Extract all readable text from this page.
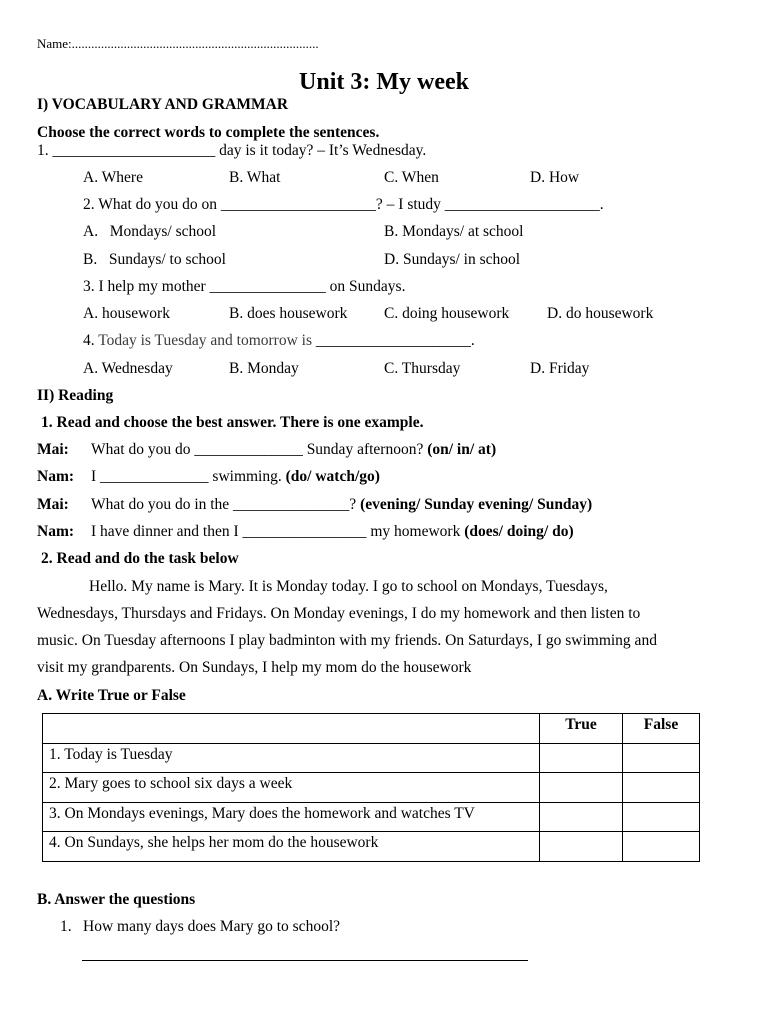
Name:............................................................................
Unit 3: My week
I) VOCABULARY AND GRAMMAR
Choose the correct words to complete the sentences.
1. _____________________ day is it today? – It’s Wednesday.
A. Where	B. What	C. When	D. How
2. What do you do on ____________________? – I study ____________________.
A.   Mondays/ school	B. Mondays/ at school
B.   Sundays/ to school	D. Sundays/ in school
3. I help my mother _______________ on Sundays.
A. housework	B. does housework C. doing housework D. do housework
4. Today is Tuesday and tomorrow is ____________________.
A. Wednesday	B. Monday	C. Thursday	D. Friday
II) Reading
1. Read and choose the best answer. There is one example.
Mai: What do you do ______________ Sunday afternoon? (on/ in/ at)
Nam: I ______________ swimming. (do/ watch/go)
Mai: What do you do in the _______________? (evening/ Sunday evening/ Sunday)
Nam: I have dinner and then I ________________ my homework (does/ doing/ do)
2. Read and do the task below
Hello. My name is Mary. It is Monday today. I go to school on Mondays, Tuesdays,
Wednesdays, Thursdays and Fridays. On Monday evenings, I do my homework and then listen to
music. On Tuesday afternoons I play badminton with my friends. On Saturdays, I go swimming and
visit my grandparents. On Sundays, I help my mom do the housework
A. Write True or False
	True	False
1. Today is Tuesday		
2. Mary goes to school six days a week		
3. On Mondays evenings, Mary does the homework and watches TV		
4. On Sundays, she helps her mom do the housework		
B. Answer the questions
1. How many days does Mary go to school?
